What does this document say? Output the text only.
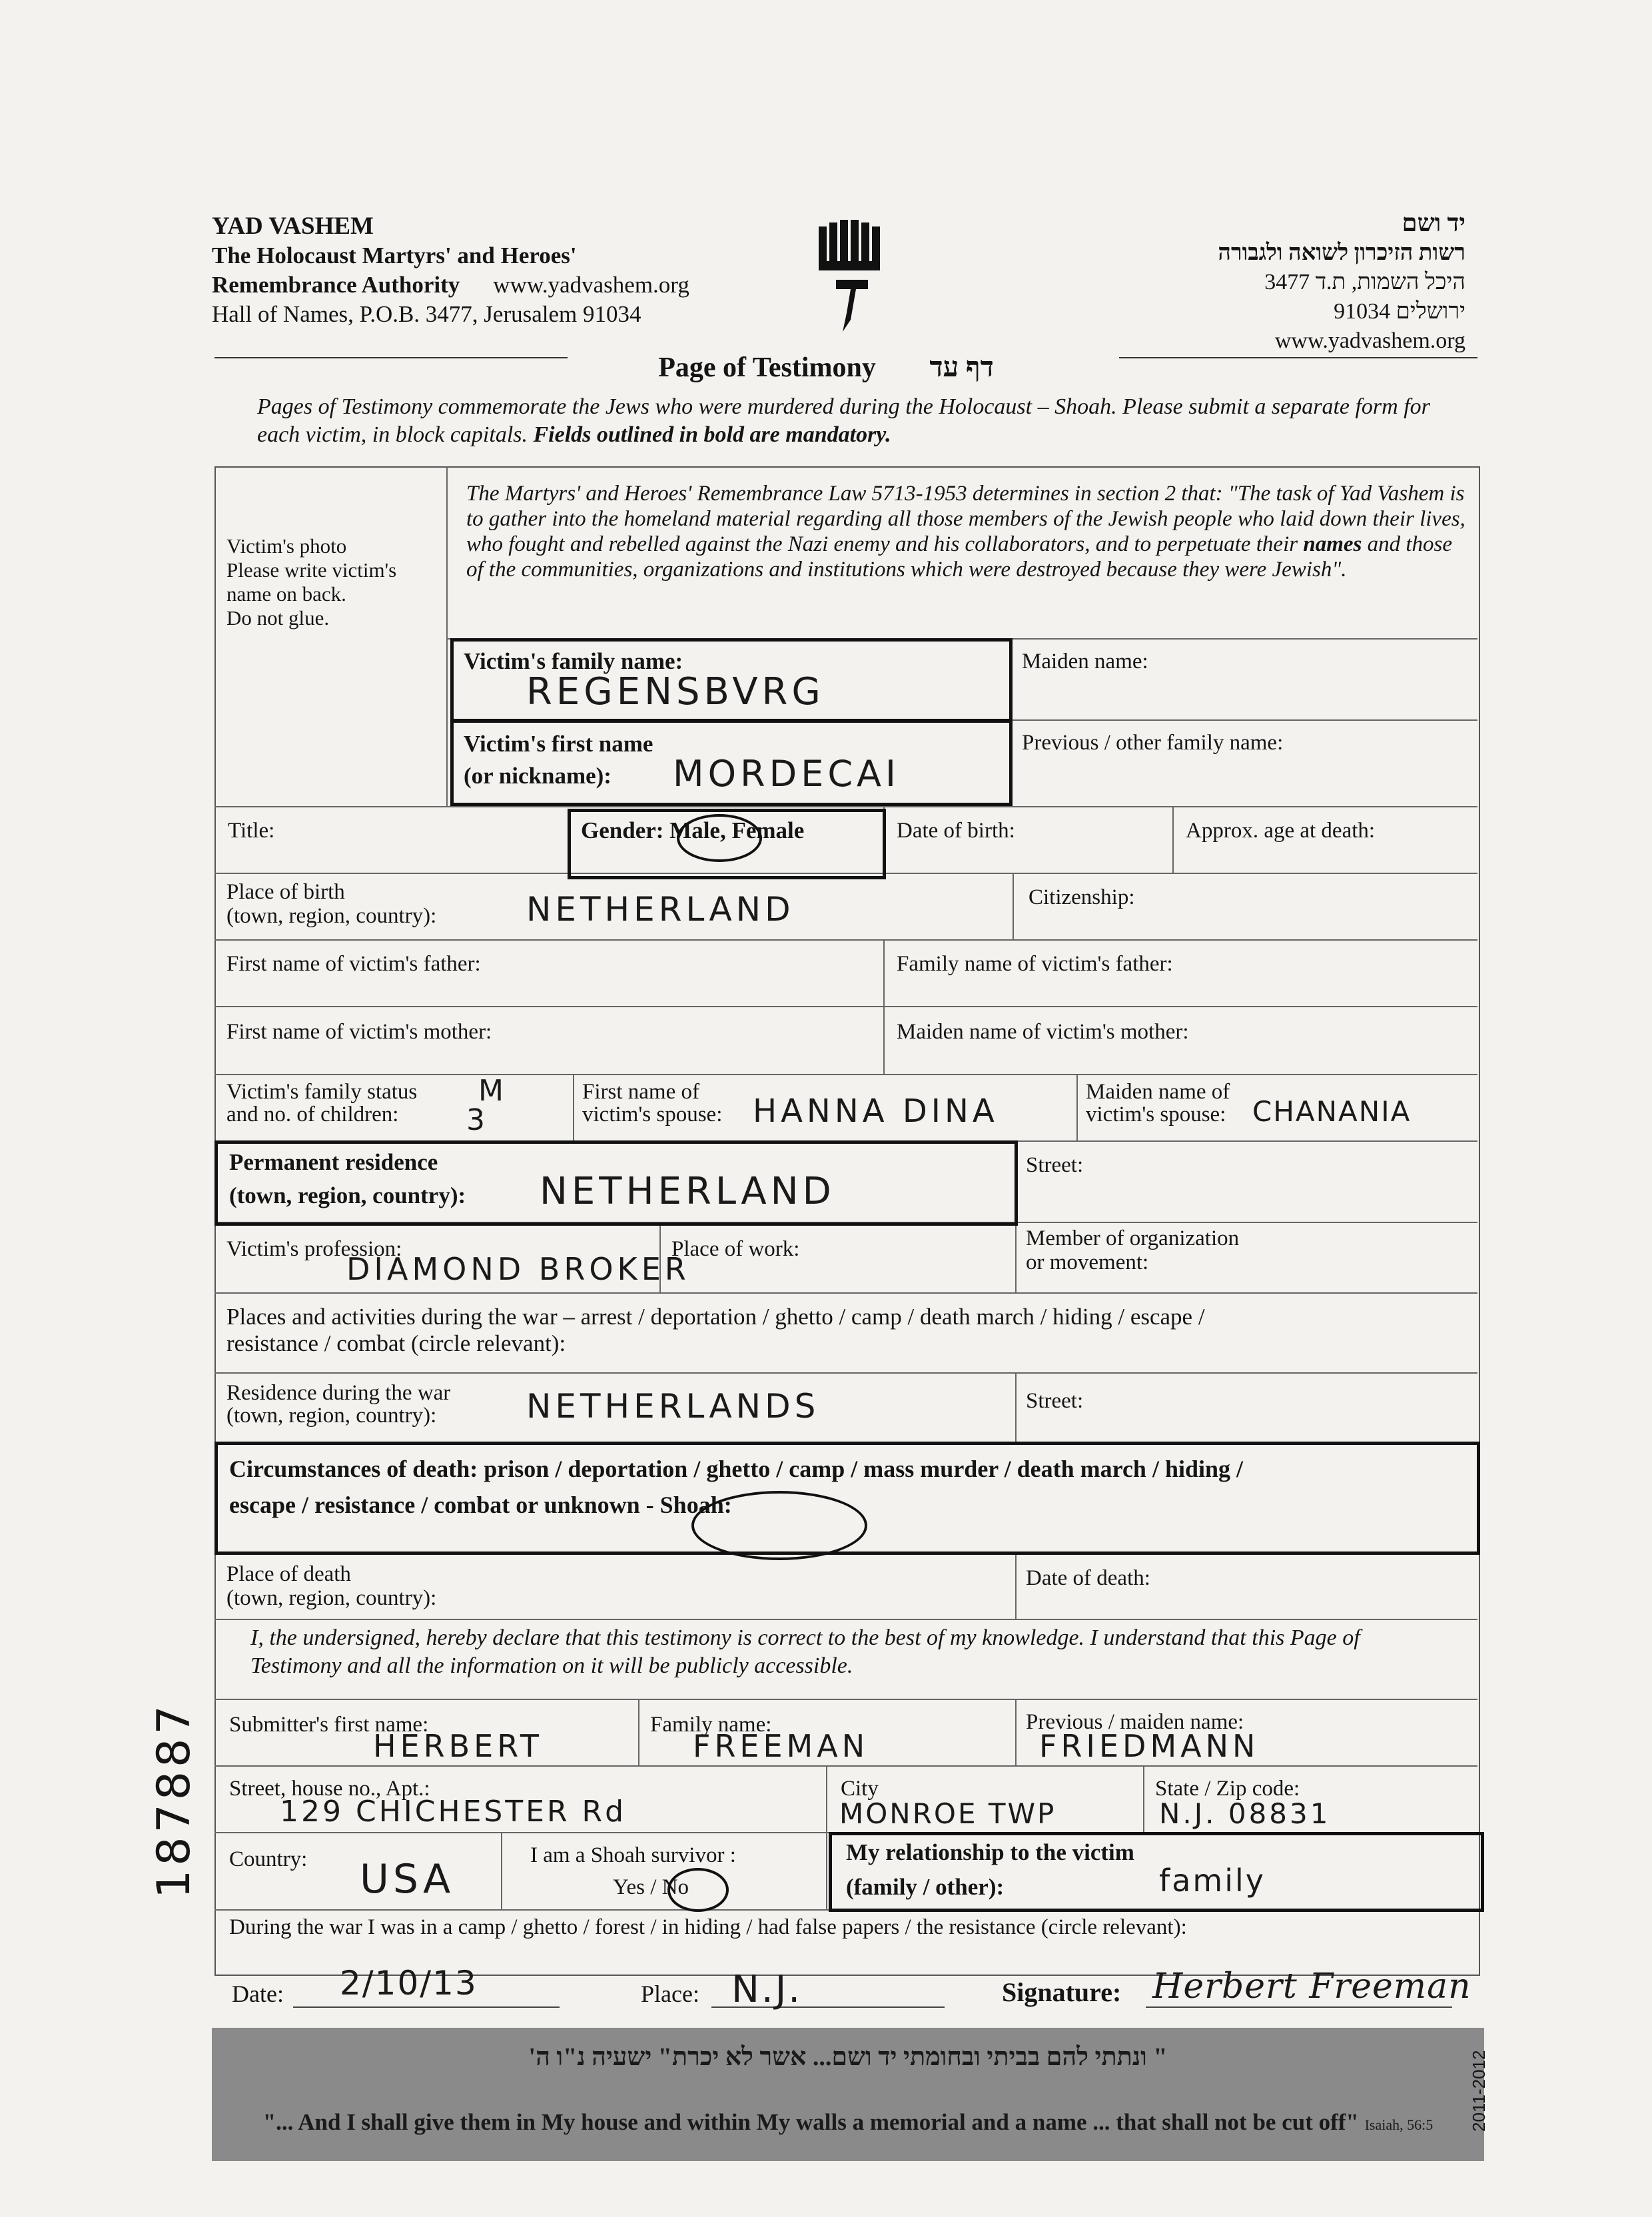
YAD VASHEM
The Holocaust Martyrs' and Heroes'
Remembrance Authority www.yadvashem.org
Hall of Names, P.O.B. 3477, Jerusalem 91034
יד ושם
רשות הזיכרון לשואה ולגבורה
היכל השמות, ת.ד 3477
ירושלים 91034
www.yadvashem.org
Page of Testimony דף עד
Pages of Testimony commemorate the Jews who were murdered during the Holocaust – Shoah. Please submit a separate form for each victim, in block capitals. Fields outlined in bold are mandatory.
Victim's photo
Please write victim's
name on back.
Do not glue.
The Martyrs' and Heroes' Remembrance Law 5713-1953 determines in section 2 that: "The task of Yad Vashem is to gather into the homeland material regarding all those members of the Jewish people who laid down their lives, who fought and rebelled against the Nazi enemy and his collaborators, and to perpetuate their names and those of the communities, organizations and institutions which were destroyed because they were Jewish".
Victim's family name:
REGENSBVRG
Maiden name:
Victim's first name
(or nickname): MORDECAI
Previous / other family name:
Title:	Gender: Male, Female	Date of birth:	Approx. age at death:
Place of birth
(town, region, country):	NETHERLAND	Citizenship:
First name of victim's father:	Family name of victim's father:
First name of victim's mother:	Maiden name of victim's mother:
Victim's family status
and no. of children:
M
3
First name of
victim's spouse: HANNA DINA
Maiden name of
victim's spouse: CHANANIA
Permanent residence
(town, region, country): NETHERLAND
Street:
Victim's profession:
DIAMOND BROKER
Place of work:	Member of organization
or movement:
Places and activities during the war – arrest / deportation / ghetto / camp / death march / hiding / escape /
resistance / combat (circle relevant):
Residence during the war
(town, region, country):	NETHERLANDS	Street:
Circumstances of death: prison / deportation / ghetto / camp / mass murder / death march / hiding /
escape / resistance / combat or unknown - Shoah:
Place of death
(town, region, country):
Date of death:
I, the undersigned, hereby declare that this testimony is correct to the best of my knowledge. I understand that this Page of Testimony and all the information on it will be publicly accessible.
Submitter's first name:
HERBERT
Family name:
FREEMAN
Previous / maiden name:
FRIEDMANN
Street, house no., Apt.:
129 CHICHESTER Rd
City
MONROE TWP
State / Zip code:
N.J. 08831
Country: USA
I am a Shoah survivor :
Yes / No
My relationship to the victim
(family / other):	family
During the war I was in a camp / ghetto / forest / in hiding / had false papers / the resistance (circle relevant):
Date: 2/10/13	Place: N.J.	Signature: Herbert Freeman
187887
" ונתתי להם בביתי ובחומתי יד ושם... אשר לא יכרת" ישעיה נ"ו ה'
"... And I shall give them in My house and within My walls a memorial and a name ... that shall not be cut off" Isaiah, 56:5	2011-2012
